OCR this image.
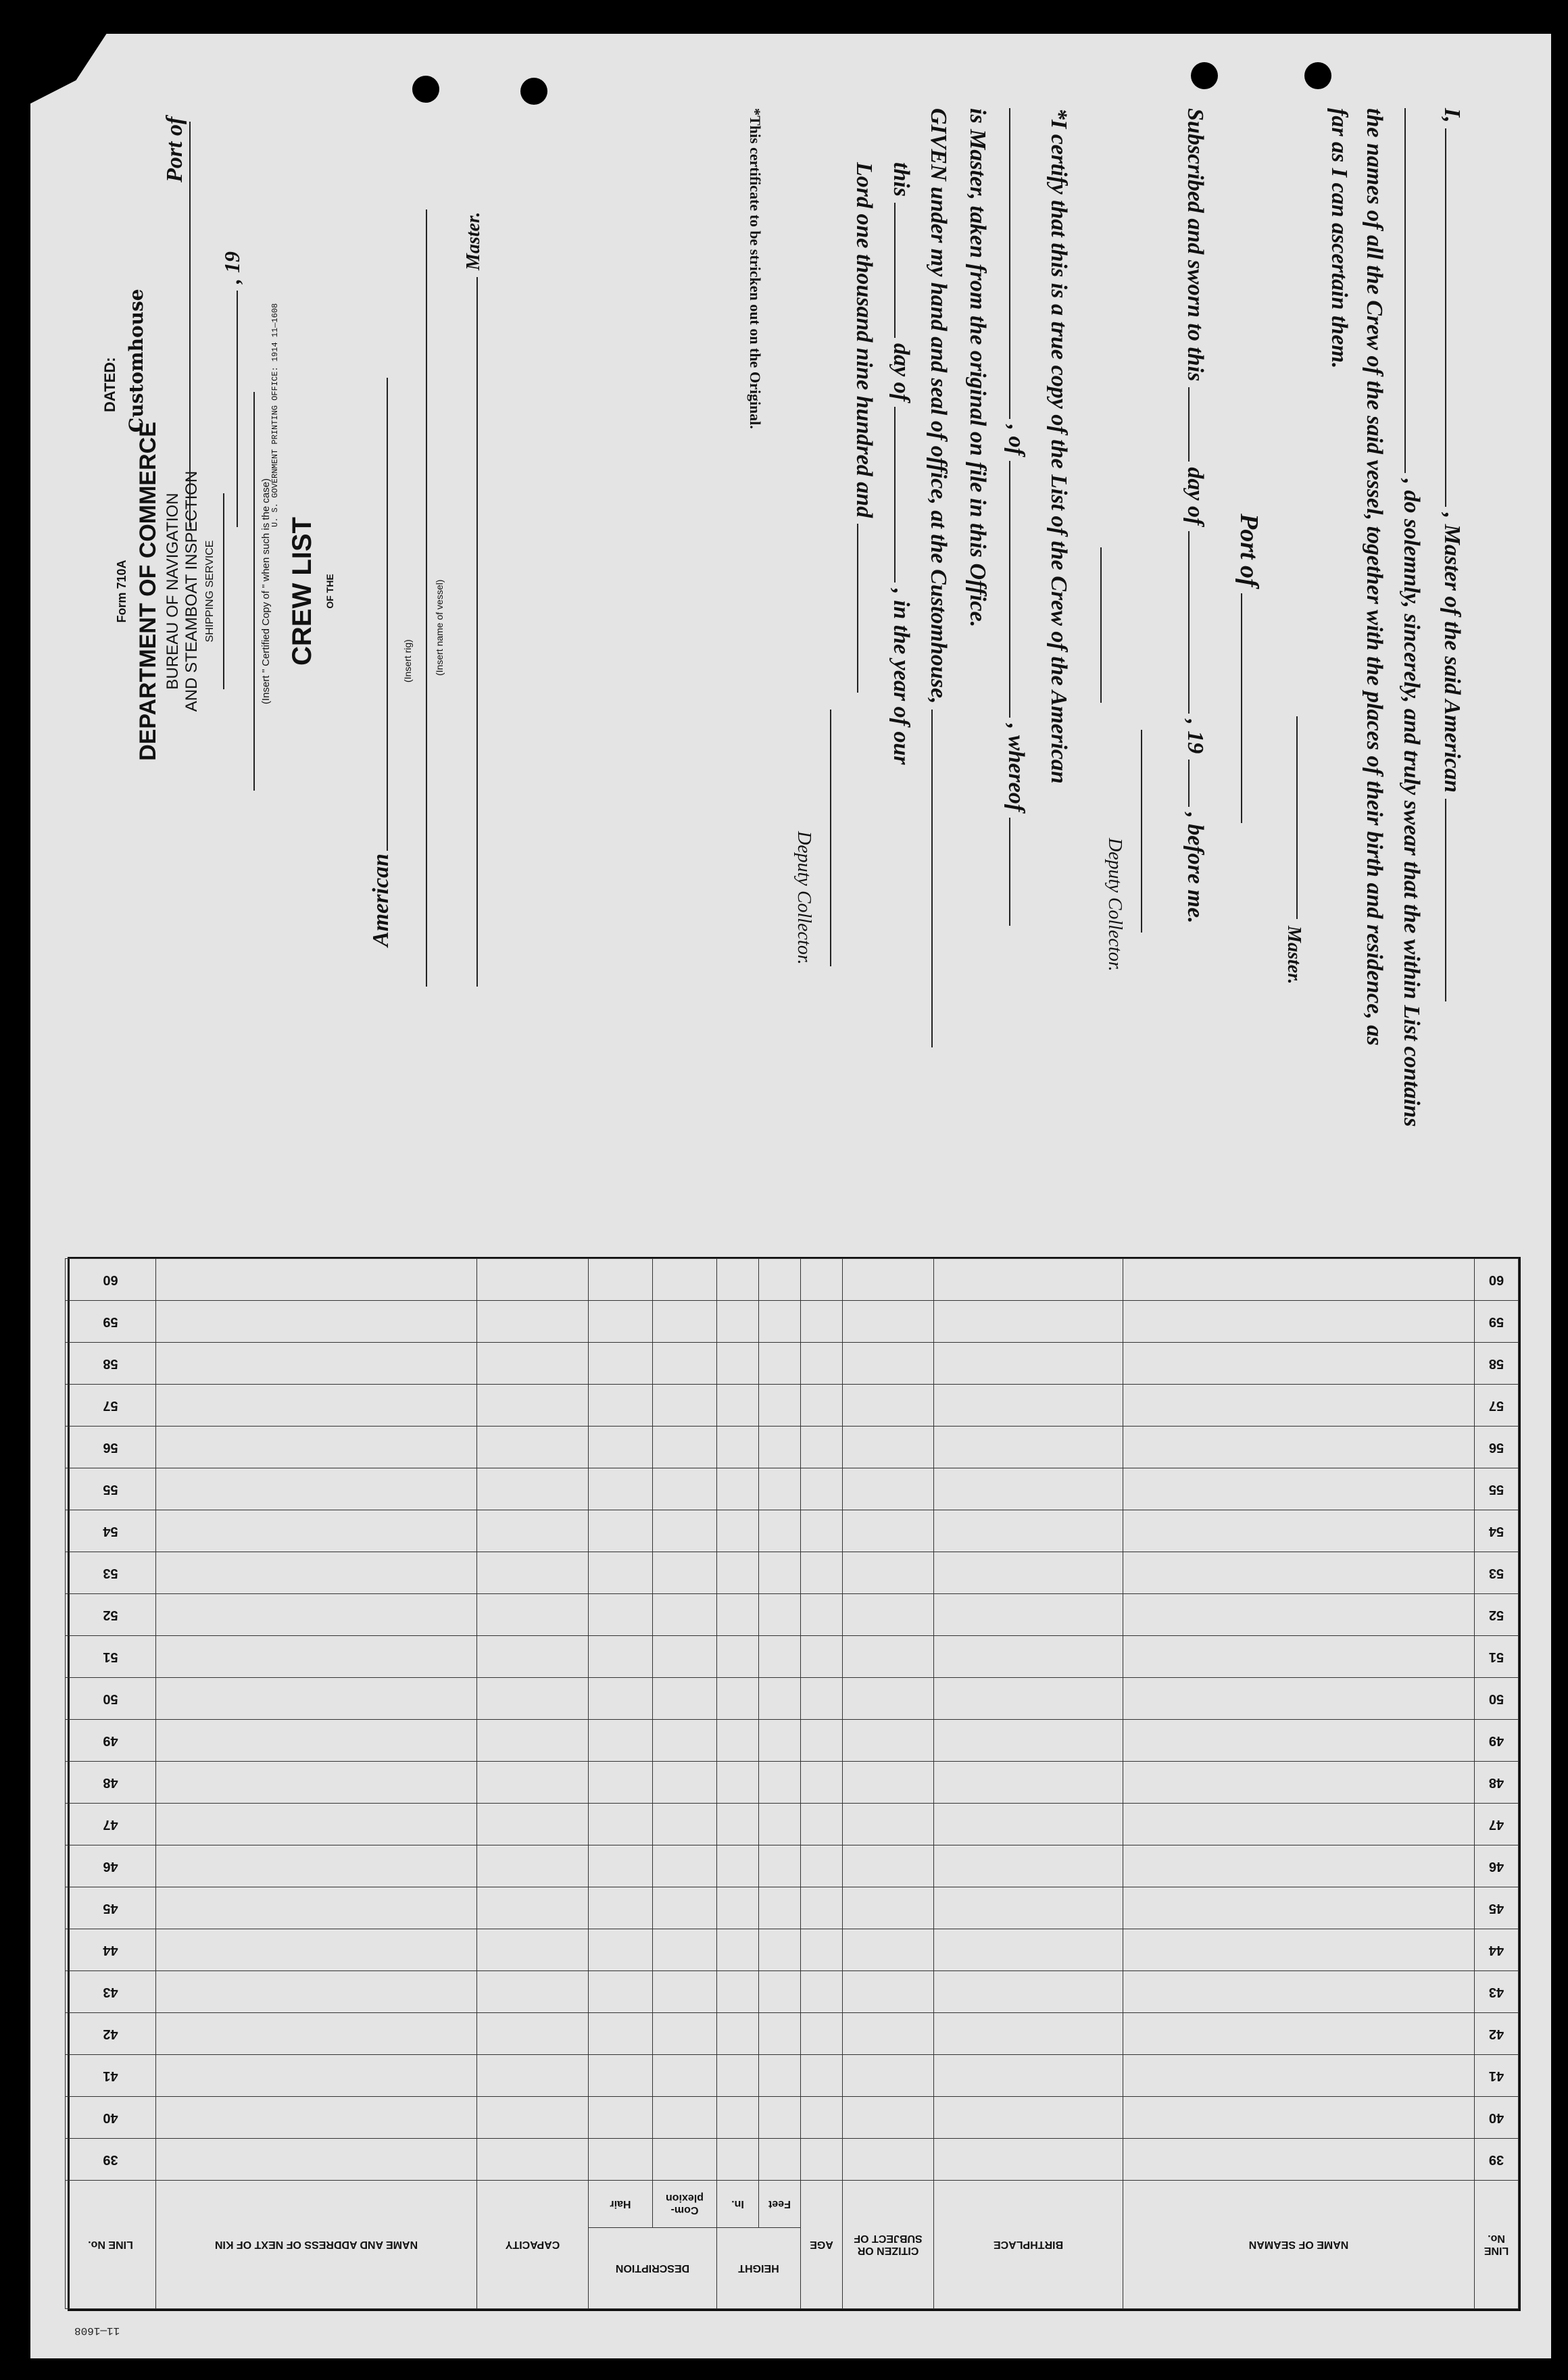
I,  , Master of the said American
, do solemnly, sincerely, and truly swear that the within List contains
the names of all the Crew of the said vessel, together with the places of their birth and residence, as
far as I can ascertain them.
Master.
Port of
Subscribed and sworn to this  day of  , 19  , before me.
Deputy Collector.
*I certify that this is a true copy of the List of the Crew of the American
, of  , whereof
is Master, taken from the original on file in this Office.
GIVEN under my hand and seal of office, at the Customhouse,
this  day of  , in the year of our
Lord one thousand nine hundred and
Deputy Collector.
*This certificate to be stricken out on the Original.
Form 710A DEPARTMENT OF COMMERCE BUREAU OF NAVIGATION AND STEAMBOAT INSPECTION SHIPPING SERVICE	(Insert " Certified Copy of " when such is the case) CREW LIST OF THE
American
(Insert rig) (Insert name of vessel)
Master.
DATED: Customhouse
Port of
, 19
U. S. GOVERNMENT PRINTING OFFICE: 1914 11—1608
LINE No.	NAME OF SEAMAN	BIRTHPLACE	CITIZEN OR SUBJECT OF	AGE	HEIGHT		DESCRIPTION		CAPACITY	NAME AND ADDRESS OF NEXT OF KIN	LINE No.
					Feet	In.	Com- plexion	Hair			
39											39
40											40
41											41
42											42
43											43
44											44
45											45
46											46
47											47
48											48
49											49
50											50
51											51
52											52
53											53
54											54
55											55
56											56
57											57
58											58
59											59
60											60
11—1608
